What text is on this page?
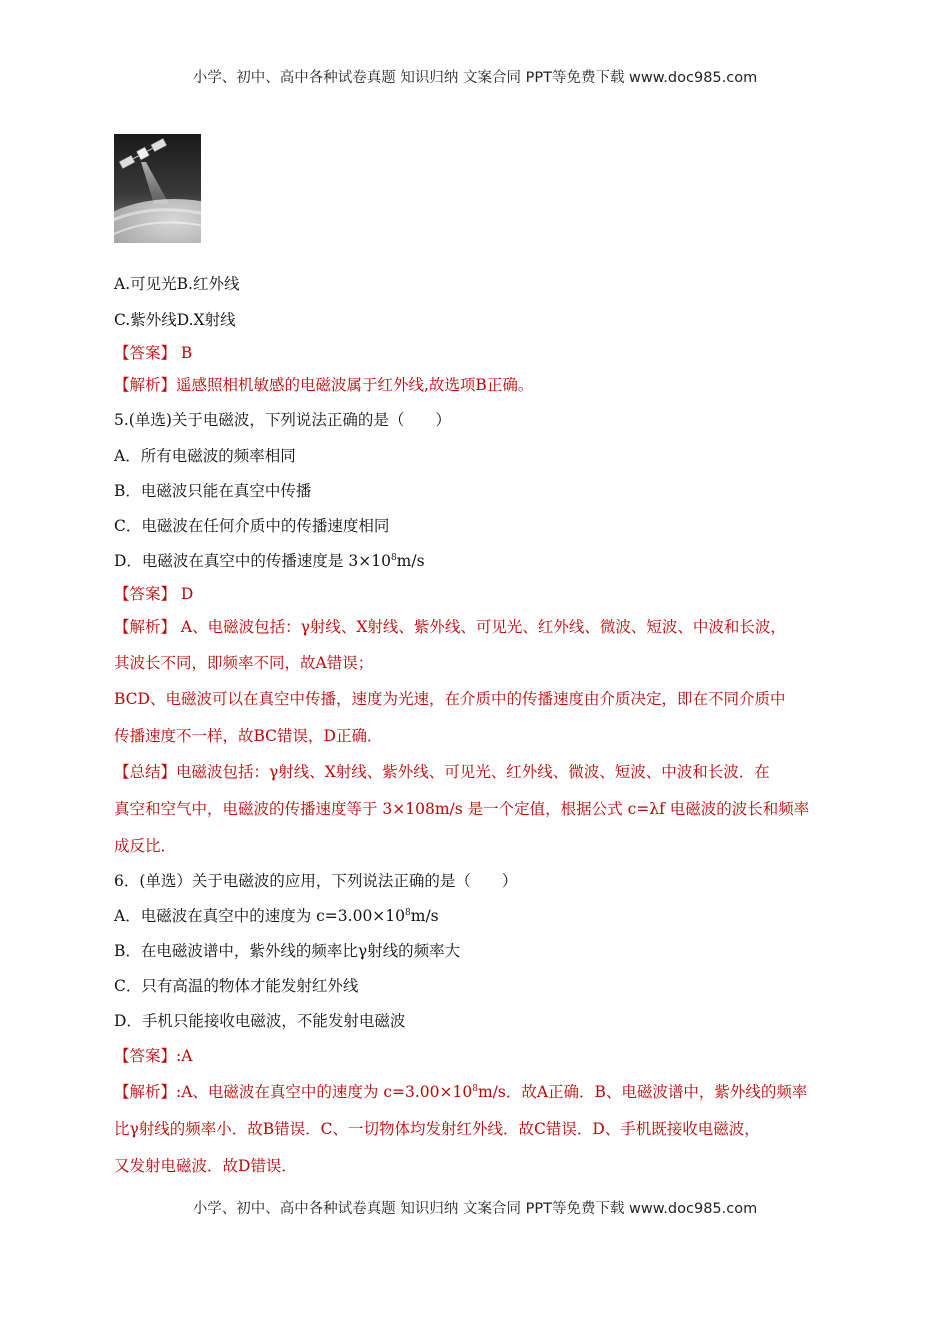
小学、初中、高中各种试卷真题 知识归纳 文案合同 PPT等免费下载 www.doc985.com
A.可见光B.红外线
C.紫外线D.X射线
【答案】 B
【解析】遥感照相机敏感的电磁波属于红外线,故选项B正确。
5.(单选)关于电磁波，下列说法正确的是（　　）
A．所有电磁波的频率相同
B．电磁波只能在真空中传播
C．电磁波在任何介质中的传播速度相同
D．电磁波在真空中的传播速度是 $3\times 10^8m/s$
【答案】 D
【解析】 A、电磁波包括：γ射线、X射线、紫外线、可见光、红外线、微波、短波、中波和长波，
其波长不同，即频率不同，故A错误；
BCD、电磁波可以在真空中传播，速度为光速，在介质中的传播速度由介质决定，即在不同介质中
传播速度不一样，故BC错误，D正确．
【总结】电磁波包括：γ射线、X射线、紫外线、可见光、红外线、微波、短波、中波和长波．在
真空和空气中，电磁波的传播速度等于 3×108m/s 是一个定值，根据公式 c=λf 电磁波的波长和频率
成反比．
6．(单选）关于电磁波的应用，下列说法正确的是（　　）
A．电磁波在真空中的速度为 $c=3.00\times 10^8m/s$
B．在电磁波谱中，紫外线的频率比γ射线的频率大
C．只有高温的物体才能发射红外线
D．手机只能接收电磁波，不能发射电磁波
【答案】:A
【解析】:A、电磁波在真空中的速度为 $c=3.00\times 10^8m/s$．故A正确．B、电磁波谱中，紫外线的频率
比γ射线的频率小．故B错误．C、一切物体均发射红外线．故C错误．D、手机既接收电磁波，
又发射电磁波．故D错误．
小学、初中、高中各种试卷真题 知识归纳 文案合同 PPT等免费下载 www.doc985.com
